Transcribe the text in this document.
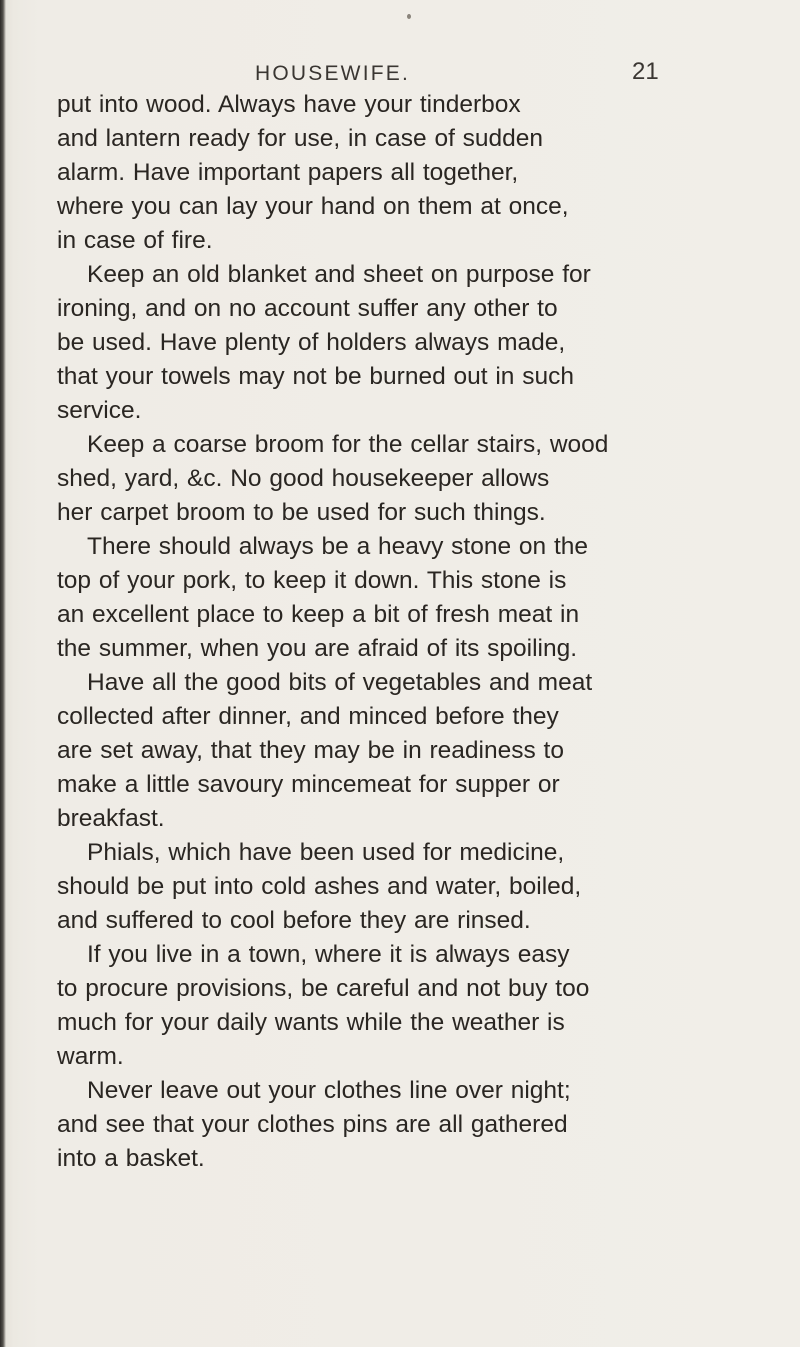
HOUSEWIFE.	21
put into wood. Always have your tinderbox
and lantern ready for use, in case of sudden
alarm. Have important papers all together,
where you can lay your hand on them at once,
in case of fire.
Keep an old blanket and sheet on purpose for
ironing, and on no account suffer any other to
be used. Have plenty of holders always made,
that your towels may not be burned out in such
service.
Keep a coarse broom for the cellar stairs, wood
shed, yard, &c. No good housekeeper allows
her carpet broom to be used for such things.
There should always be a heavy stone on the
top of your pork, to keep it down. This stone is
an excellent place to keep a bit of fresh meat in
the summer, when you are afraid of its spoiling.
Have all the good bits of vegetables and meat
collected after dinner, and minced before they
are set away, that they may be in readiness to
make a little savoury mincemeat for supper or
breakfast.
Phials, which have been used for medicine,
should be put into cold ashes and water, boiled,
and suffered to cool before they are rinsed.
If you live in a town, where it is always easy
to procure provisions, be careful and not buy too
much for your daily wants while the weather is
warm.
Never leave out your clothes line over night;
and see that your clothes pins are all gathered
into a basket.
